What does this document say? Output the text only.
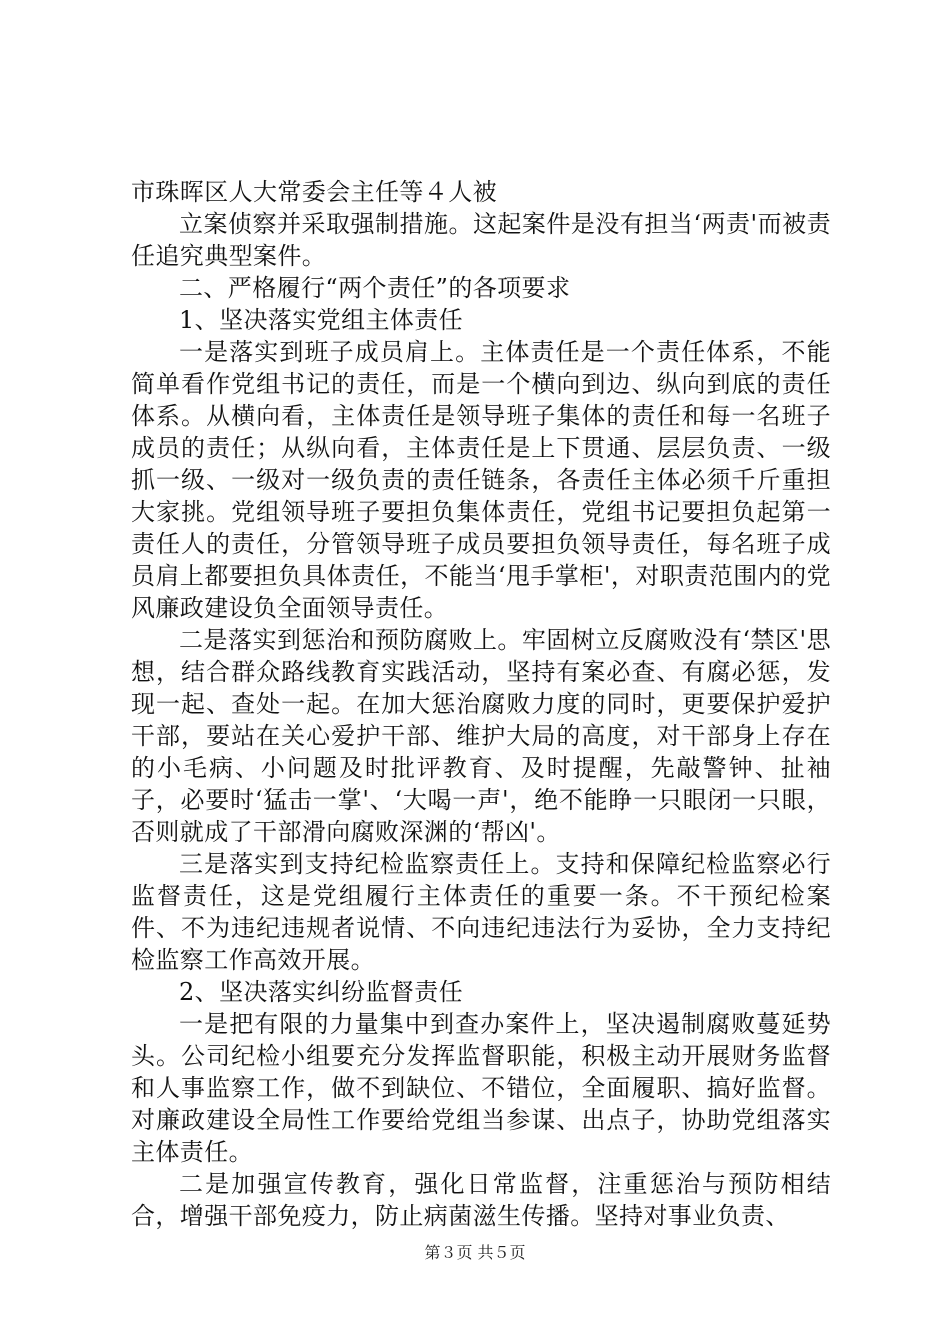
市珠晖区人大常委会主任等４人被

立案侦察并采取强制措施。这起案件是没有担当‘两责'而被责任追究典型案件。

二、严格履行“两个责任”的各项要求

1、坚决落实党组主体责任

一是落实到班子成员肩上。主体责任是一个责任体系，不能简单看作党组书记的责任，而是一个横向到边、纵向到底的责任体系。从横向看，主体责任是领导班子集体的责任和每一名班子成员的责任；从纵向看，主体责任是上下贯通、层层负责、一级抓一级、一级对一级负责的责任链条，各责任主体必须千斤重担大家挑。党组领导班子要担负集体责任，党组书记要担负起第一责任人的责任，分管领导班子成员要担负领导责任，每名班子成员肩上都要担负具体责任，不能当‘甩手掌柜'，对职责范围内的党风廉政建设负全面领导责任。

二是落实到惩治和预防腐败上。牢固树立反腐败没有‘禁区'思想，结合群众路线教育实践活动，坚持有案必查、有腐必惩，发现一起、查处一起。在加大惩治腐败力度的同时，更要保护爱护干部，要站在关心爱护干部、维护大局的高度，对干部身上存在的小毛病、小问题及时批评教育、及时提醒，先敲警钟、扯袖子，必要时‘猛击一掌'、‘大喝一声'，绝不能睁一只眼闭一只眼，否则就成了干部滑向腐败深渊的‘帮凶'。

三是落实到支持纪检监察责任上。支持和保障纪检监察必行监督责任，这是党组履行主体责任的重要一条。不干预纪检案件、不为违纪违规者说情、不向违纪违法行为妥协，全力支持纪检监察工作高效开展。

2、坚决落实纠纷监督责任

一是把有限的力量集中到查办案件上，坚决遏制腐败蔓延势头。公司纪检小组要充分发挥监督职能，积极主动开展财务监督和人事监察工作，做不到缺位、不错位，全面履职、搞好监督。对廉政建设全局性工作要给党组当参谋、出点子，协助党组落实主体责任。

二是加强宣传教育，强化日常监督，注重惩治与预防相结合，增强干部免疫力，防止病菌滋生传播。坚持对事业负责、

第３页 共５页
